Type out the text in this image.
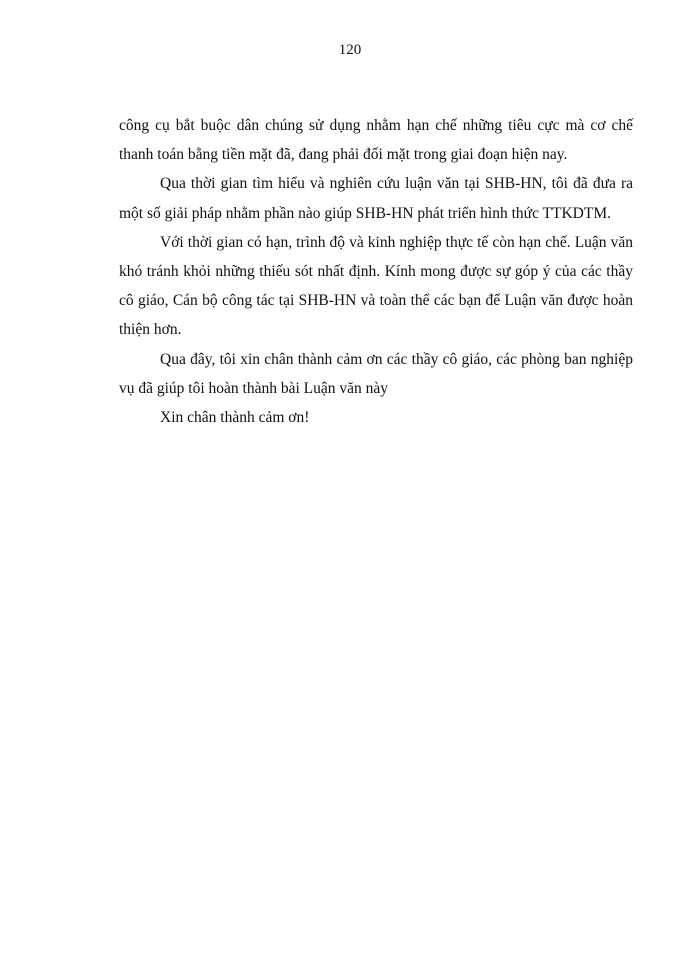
120

công cụ bắt buộc dân chúng sử dụng nhằm hạn chế những tiêu cực mà cơ chế thanh toán bằng tiền mặt đã, đang phải đối mặt trong giai đoạn hiện nay.

Qua thời gian tìm hiểu và nghiên cứu luận văn tại SHB-HN, tôi đã đưa ra một số giải pháp nhằm phần nào giúp SHB-HN phát triển hình thức TTKDTM.

Với thời gian có hạn, trình độ và kinh nghiệp thực tế còn hạn chế. Luận văn khó tránh khỏi những thiếu sót nhất định. Kính mong được sự góp ý của các thầy cô giáo, Cán bộ công tác tại SHB-HN và toàn thể các bạn để Luận văn được hoàn thiện hơn.

Qua đây, tôi xin chân thành cảm ơn các thầy cô giáo, các phòng ban nghiệp vụ đã giúp tôi hoàn thành bài Luận văn này

Xin chân thành cảm ơn!
